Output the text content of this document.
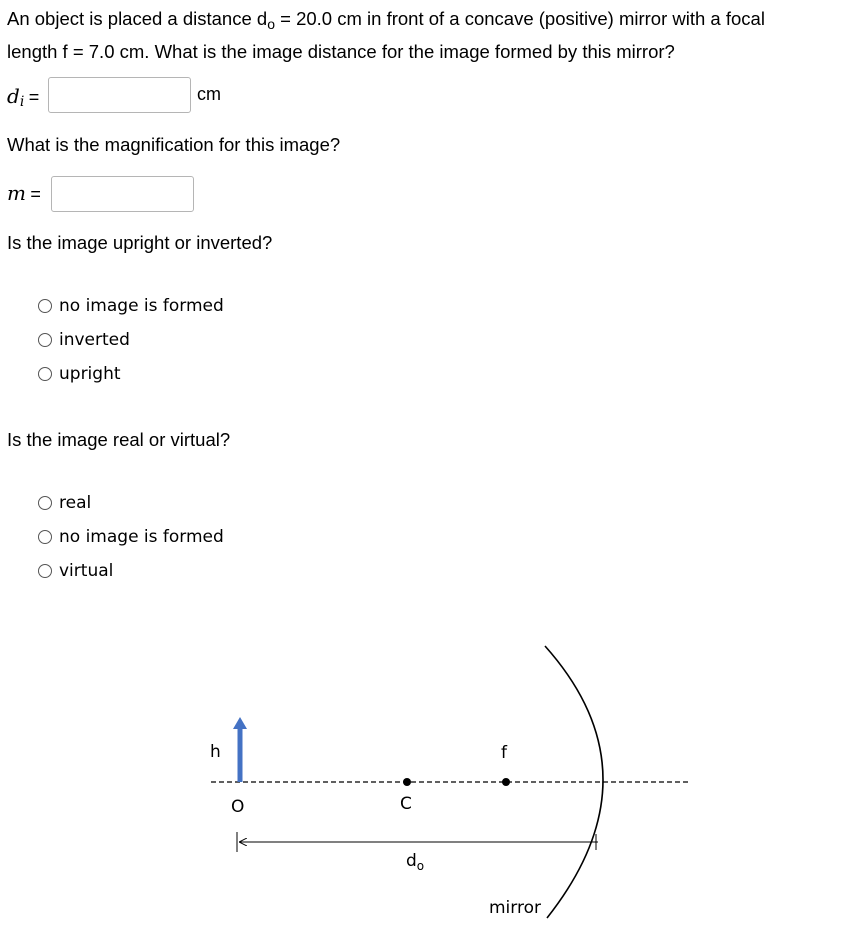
An object is placed a distance $d_o = 20.0$ cm in front of a concave (positive) mirror with a focal
length f = 7.0 cm. What is the image distance for the image formed by this mirror?
$d_i$ =	cm
What is the magnification for this image?
m =
Is the image upright or inverted?
no image is formed
inverted
upright
Is the image real or virtual?
real
no image is formed
virtual
h
O	C
f
$d_o$
mirror
